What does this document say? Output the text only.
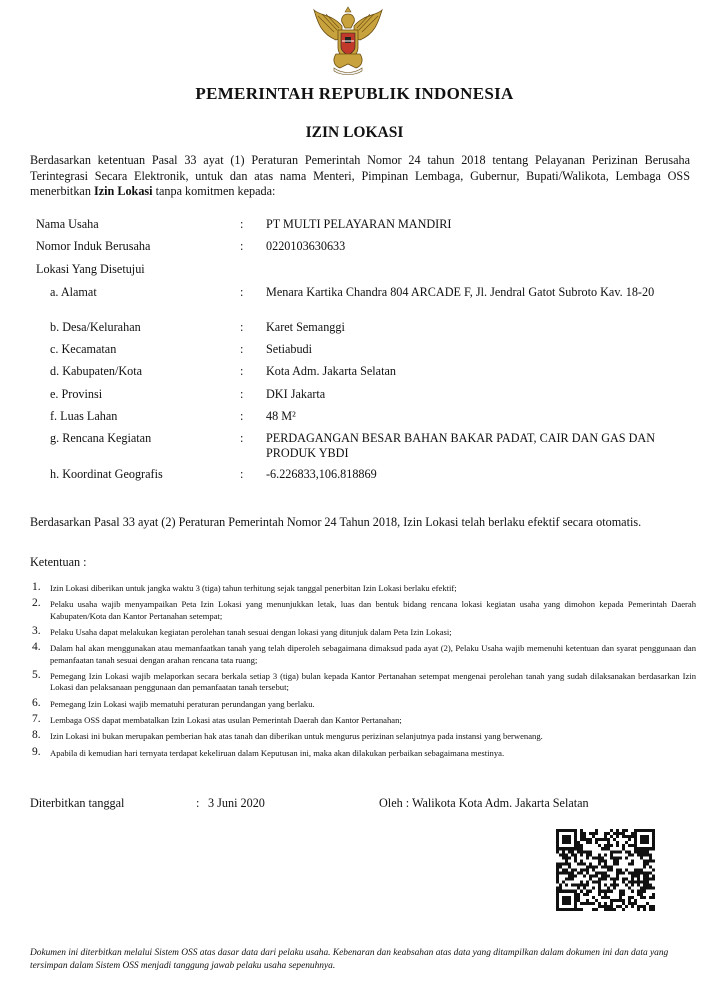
PEMERINTAH REPUBLIK INDONESIA
IZIN LOKASI
Berdasarkan ketentuan Pasal 33 ayat (1) Peraturan Pemerintah Nomor 24 tahun 2018 tentang Pelayanan Perizinan Berusaha Terintegrasi Secara Elektronik, untuk dan atas nama Menteri, Pimpinan Lembaga, Gubernur, Bupati/Walikota, Lembaga OSS menerbitkan Izin Lokasi tanpa komitmen kepada:
Nama Usaha	: PT MULTI PELAYARAN MANDIRI
Nomor Induk Berusaha	: 0220103630633
Lokasi Yang Disetujui
a. Alamat	: Menara Kartika Chandra 804 ARCADE F, Jl. Jendral Gatot Subroto Kav. 18-20
b. Desa/Kelurahan	: Karet Semanggi
c. Kecamatan	: Setiabudi
d. Kabupaten/Kota	: Kota Adm. Jakarta Selatan
e. Provinsi	: DKI Jakarta
f. Luas Lahan	: 48 M²
g. Rencana Kegiatan	: PERDAGANGAN BESAR BAHAN BAKAR PADAT, CAIR DAN GAS DAN PRODUK YBDI
h. Koordinat Geografis	: -6.226833,106.818869
Berdasarkan Pasal 33 ayat (2) Peraturan Pemerintah Nomor 24 Tahun 2018, Izin Lokasi telah berlaku efektif secara otomatis.
Ketentuan :
1. Izin Lokasi diberikan untuk jangka waktu 3 (tiga) tahun terhitung sejak tanggal penerbitan Izin Lokasi berlaku efektif;
2. Pelaku usaha wajib menyampaikan Peta Izin Lokasi yang menunjukkan letak, luas dan bentuk bidang rencana lokasi kegiatan usaha yang dimohon kepada Pemerintah Daerah Kabupaten/Kota dan Kantor Pertanahan setempat;
3. Pelaku Usaha dapat melakukan kegiatan perolehan tanah sesuai dengan lokasi yang ditunjuk dalam Peta Izin Lokasi;
4. Dalam hal akan menggunakan atau memanfaatkan tanah yang telah diperoleh sebagaimana dimaksud pada ayat (2), Pelaku Usaha wajib memenuhi ketentuan dan syarat penggunaan dan pemanfaatan tanah sesuai dengan arahan rencana tata ruang;
5. Pemegang Izin Lokasi wajib melaporkan secara berkala setiap 3 (tiga) bulan kepada Kantor Pertanahan setempat mengenai perolehan tanah yang sudah dilaksanakan berdasarkan Izin Lokasi dan pelaksanaan penggunaan dan pemanfaatan tanah tersebut;
6. Pemegang Izin Lokasi wajib mematuhi peraturan perundangan yang berlaku.
7. Lembaga OSS dapat membatalkan Izin Lokasi atas usulan Pemerintah Daerah dan Kantor Pertanahan;
8. Izin Lokasi ini bukan merupakan pemberian hak atas tanah dan diberikan untuk mengurus perizinan selanjutnya pada instansi yang berwenang.
9. Apabila di kemudian hari ternyata terdapat kekeliruan dalam Keputusan ini, maka akan dilakukan perbaikan sebagaimana mestinya.
Diterbitkan tanggal	: 3 Juni 2020	Oleh : Walikota Kota Adm. Jakarta Selatan
Dokumen ini diterbitkan melalui Sistem OSS atas dasar data dari pelaku usaha. Kebenaran dan keabsahan atas data yang ditampilkan dalam dokumen ini dan data yang tersimpan dalam Sistem OSS menjadi tanggung jawab pelaku usaha sepenuhnya.
